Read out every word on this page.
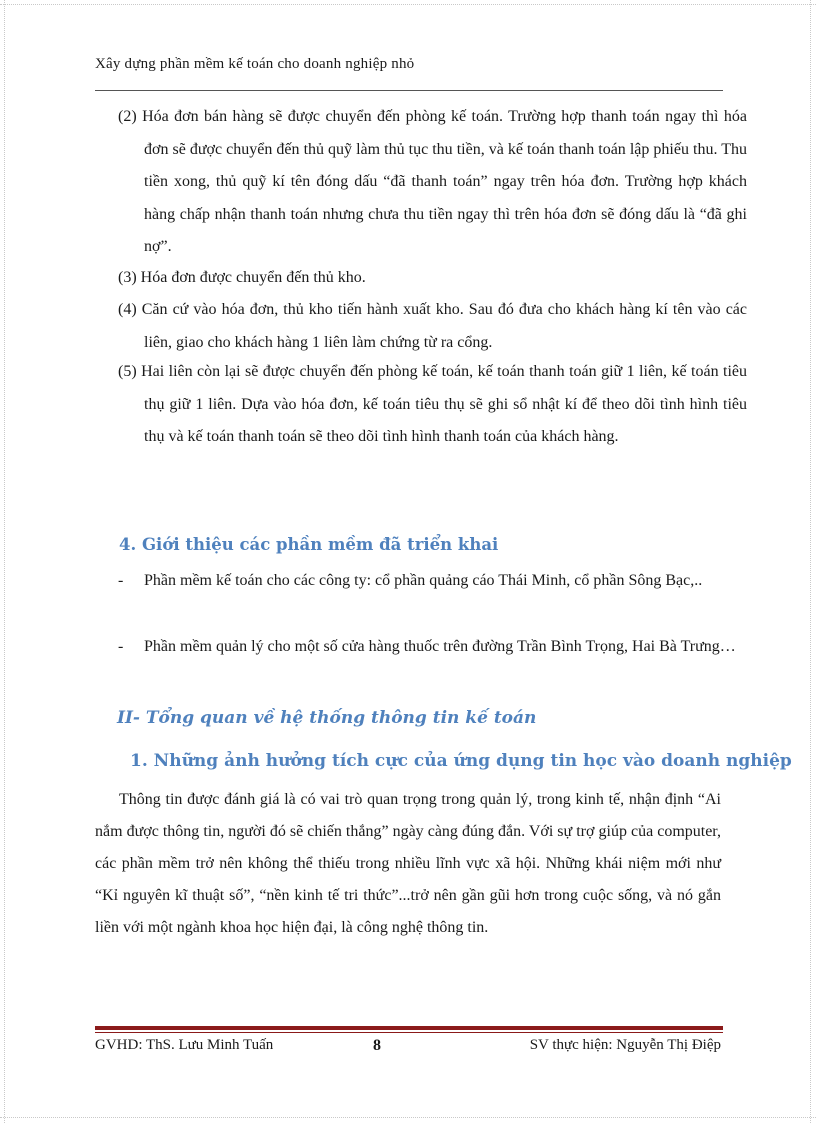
Xây dựng phần mềm kế toán cho doanh nghiệp nhỏ

(2) Hóa đơn bán hàng sẽ được chuyển đến phòng kế toán. Trường hợp thanh toán ngay thì hóa đơn sẽ được chuyển đến thủ quỹ làm thủ tục thu tiền, và kế toán thanh toán lập phiếu thu. Thu tiền xong, thủ quỹ kí tên đóng dấu “đã thanh toán” ngay trên hóa đơn. Trường hợp khách hàng chấp nhận thanh toán nhưng chưa thu tiền ngay thì trên hóa đơn sẽ đóng dấu là “đã ghi nợ”.

(3) Hóa đơn được chuyển đến thủ kho.

(4) Căn cứ vào hóa đơn, thủ kho tiến hành xuất kho. Sau đó đưa cho khách hàng kí tên vào các liên, giao cho khách hàng 1 liên làm chứng từ ra cổng.

(5) Hai liên còn lại sẽ được chuyển đến phòng kế toán, kế toán thanh toán giữ 1 liên, kế toán tiêu thụ giữ 1 liên. Dựa vào hóa đơn, kế toán tiêu thụ sẽ ghi sổ nhật kí để theo dõi tình hình tiêu thụ và kế toán thanh toán sẽ theo dõi tình hình thanh toán của khách hàng.

4. Giới thiệu các phần mềm đã triển khai

- Phần mềm kế toán cho các công ty: cổ phần quảng cáo Thái Minh, cổ phần Sông Bạc,..

- Phần mềm quản lý cho một số cửa hàng thuốc trên đường Trần Bình Trọng, Hai Bà Trưng…

II- Tổng quan về hệ thống thông tin kế toán
1. Những ảnh hưởng tích cực của ứng dụng tin học vào doanh nghiệp

Thông tin được đánh giá là có vai trò quan trọng trong quản lý, trong kinh tế, nhận định “Ai nắm được thông tin, người đó sẽ chiến thắng” ngày càng đúng đắn. Với sự trợ giúp của computer, các phần mềm trở nên không thể thiếu trong nhiều lĩnh vực xã hội. Những khái niệm mới như “Kỉ nguyên kĩ thuật số”, “nền kinh tế tri thức”...trở nên gần gũi hơn trong cuộc sống, và nó gắn liền với một ngành khoa học hiện đại, là công nghệ thông tin.

GVHD: ThS. Lưu Minh Tuấn	8	SV thực hiện: Nguyễn Thị Điệp
